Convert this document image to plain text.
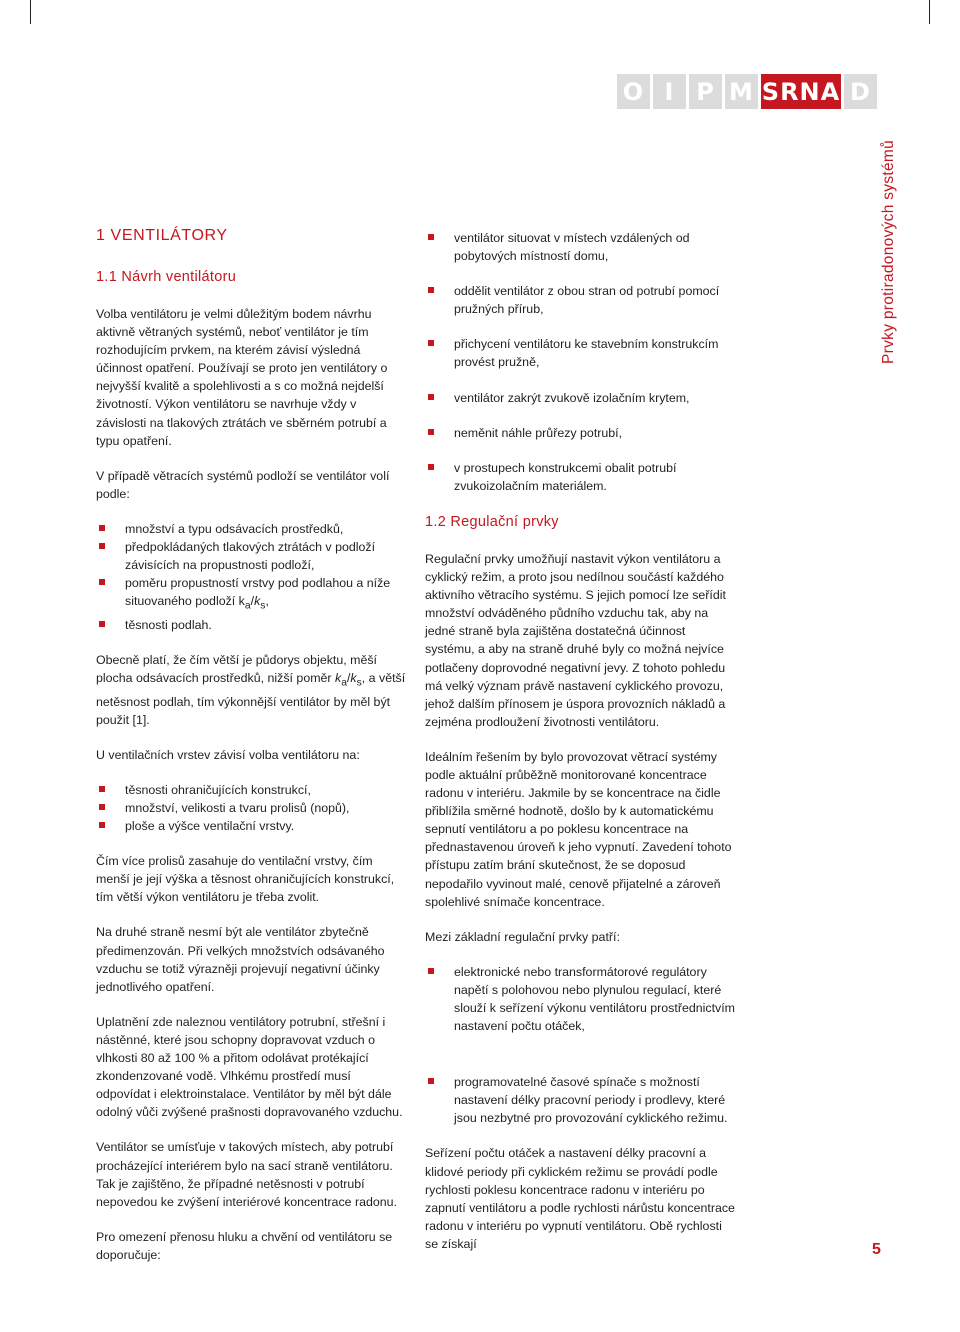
O I P M SRNA D
Prvky protiradonových systémů
1 VENTILÁTORY
1.1 Návrh ventilátoru

Volba ventilátoru je velmi důležitým bodem návrhu aktivně větraných systémů, neboť ventilátor je tím rozhodujícím prvkem, na kterém závisí výsledná účinnost opatření. Používají se proto jen ventilátory o nejvyšší kvalitě a spolehlivosti a s co možná nejdelší životností. Výkon ventilátoru se navrhuje vždy v závislosti na tlakových ztrátách ve sběrném potrubí a typu opatření.

V případě větracích systémů podloží se ventilátor volí podle:

množství a typu odsávacích prostředků,
předpokládaných tlakových ztrátách v podloží závisících na propustnosti podloží,
poměru propustností vrstvy pod podlahou a níže situovaného podloží $k_a/k_s$,
těsnosti podlah.

Obecně platí, že čím větší je půdorys objektu, měší plocha odsávacích prostředků, nižší poměr $k_a/k_s$, a větší netěsnost podlah, tím výkonnější ventilátor by měl být použit [1].

U ventilačních vrstev závisí volba ventilátoru na:

těsnosti ohraničujících konstrukcí,
množství, velikosti a tvaru prolisů (nopů),
ploše a výšce ventilační vrstvy.

Čím více prolisů zasahuje do ventilační vrstvy, čím menší je její výška a těsnost ohraničujících konstrukcí, tím větší výkon ventilátoru je třeba zvolit.

Na druhé straně nesmí být ale ventilátor zbytečně předimenzován. Při velkých množstvích odsávaného vzduchu se totiž výrazněji projevují negativní účinky jednotlivého opatření.

Uplatnění zde naleznou ventilátory potrubní, střešní i nástěnné, které jsou schopny dopravovat vzduch o vlhkosti 80 až 100 % a přitom odolávat protékající zkondenzované vodě. Vlhkému prostředí musí odpovídat i elektroinstalace. Ventilátor by měl být dále odolný vůči zvýšené prašnosti dopravovaného vzduchu.

Ventilátor se umísťuje v takových místech, aby potrubí procházející interiérem bylo na sací straně ventilátoru. Tak je zajištěno, že případné netěsnosti v potrubí nepovedou ke zvýšení interiérové koncentrace radonu.

Pro omezení přenosu hluku a chvění od ventilátoru se doporučuje:

ventilátor situovat v místech vzdálených od pobytových místností domu,
oddělit ventilátor z obou stran od potrubí pomocí pružných přírub,
přichycení ventilátoru ke stavebním konstrukcím provést pružně,
ventilátor zakrýt zvukově izolačním krytem,
neměnit náhle průřezy potrubí,
v prostupech konstrukcemi obalit potrubí zvukoizolačním materiálem.
1.2 Regulační prvky

Regulační prvky umožňují nastavit výkon ventilátoru a cyklický režim, a proto jsou nedílnou součástí každého aktivního větracího systému. S jejich pomocí lze seřídit množství odváděného půdního vzduchu tak, aby na jedné straně byla zajištěna dostatečná účinnost systému, a aby na straně druhé byly co možná nejvíce potlačeny doprovodné negativní jevy. Z tohoto pohledu má velký význam právě nastavení cyklického provozu, jehož dalším přínosem je úspora provozních nákladů a zejména prodloužení životnosti ventilátoru.

Ideálním řešením by bylo provozovat větrací systémy podle aktuální průběžně monitorované koncentrace radonu v interiéru. Jakmile by se koncentrace na čidle přiblížila směrné hodnotě, došlo by k automatickému sepnutí ventilátoru a po poklesu koncentrace na přednastavenou úroveň k jeho vypnutí. Zavedení tohoto přístupu zatím brání skutečnost, že se doposud nepodařilo vyvinout malé, cenově přijatelné a zároveň spolehlivé snímače koncentrace.

Mezi základní regulační prvky patří:

elektronické nebo transformátorové regulátory napětí s polohovou nebo plynulou regulací, které slouží k seřízení výkonu ventilátoru prostřednictvím nastavení počtu otáček,
programovatelné časové spínače s možností nastavení délky pracovní periody i prodlevy, které jsou nezbytné pro provozování cyklického režimu.

Seřízení počtu otáček a nastavení délky pracovní a klidové periody při cyklickém režimu se provádí podle rychlosti poklesu koncentrace radonu v interiéru po zapnutí ventilátoru a podle rychlosti nárůstu koncentrace radonu v interiéru po vypnutí ventilátoru. Obě rychlosti se získají	5
